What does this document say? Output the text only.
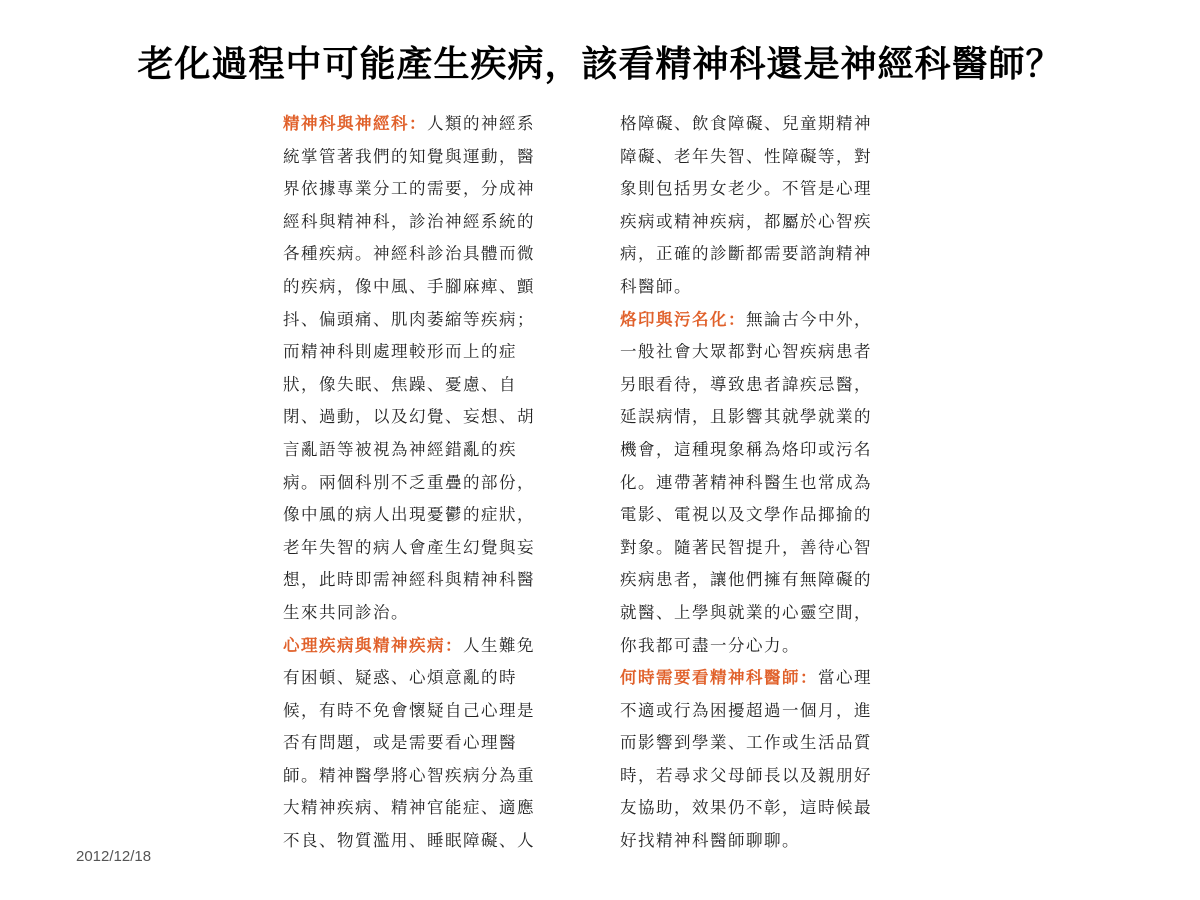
老化過程中可能產生疾病，該看精神科還是神經科醫師？
精神科與神經科：人類的神經系
統掌管著我們的知覺與運動，醫
界依據專業分工的需要，分成神
經科與精神科，診治神經系統的
各種疾病。神經科診治具體而微
的疾病，像中風、手腳麻痺、顫
抖、偏頭痛、肌肉萎縮等疾病；
而精神科則處理較形而上的症
狀，像失眠、焦躁、憂慮、自
閉、過動，以及幻覺、妄想、胡
言亂語等被視為神經錯亂的疾
病。兩個科別不乏重疊的部份，
像中風的病人出現憂鬱的症狀，
老年失智的病人會產生幻覺與妄
想，此時即需神經科與精神科醫
生來共同診治。
心理疾病與精神疾病：人生難免
有困頓、疑惑、心煩意亂的時
候，有時不免會懷疑自己心理是
否有問題，或是需要看心理醫
師。精神醫學將心智疾病分為重
大精神疾病、精神官能症、適應
不良、物質濫用、睡眠障礙、人
格障礙、飲食障礙、兒童期精神
障礙、老年失智、性障礙等，對
象則包括男女老少。不管是心理
疾病或精神疾病，都屬於心智疾
病，正確的診斷都需要諮詢精神
科醫師。
烙印與污名化：無論古今中外，
一般社會大眾都對心智疾病患者
另眼看待，導致患者諱疾忌醫，
延誤病情，且影響其就學就業的
機會，這種現象稱為烙印或污名
化。連帶著精神科醫生也常成為
電影、電視以及文學作品揶揄的
對象。隨著民智提升，善待心智
疾病患者，讓他們擁有無障礙的
就醫、上學與就業的心靈空間，
你我都可盡一分心力。
何時需要看精神科醫師：當心理
不適或行為困擾超過一個月，進
而影響到學業、工作或生活品質
時，若尋求父母師長以及親朋好
友協助，效果仍不彰，這時候最
好找精神科醫師聊聊。
2012/12/18
